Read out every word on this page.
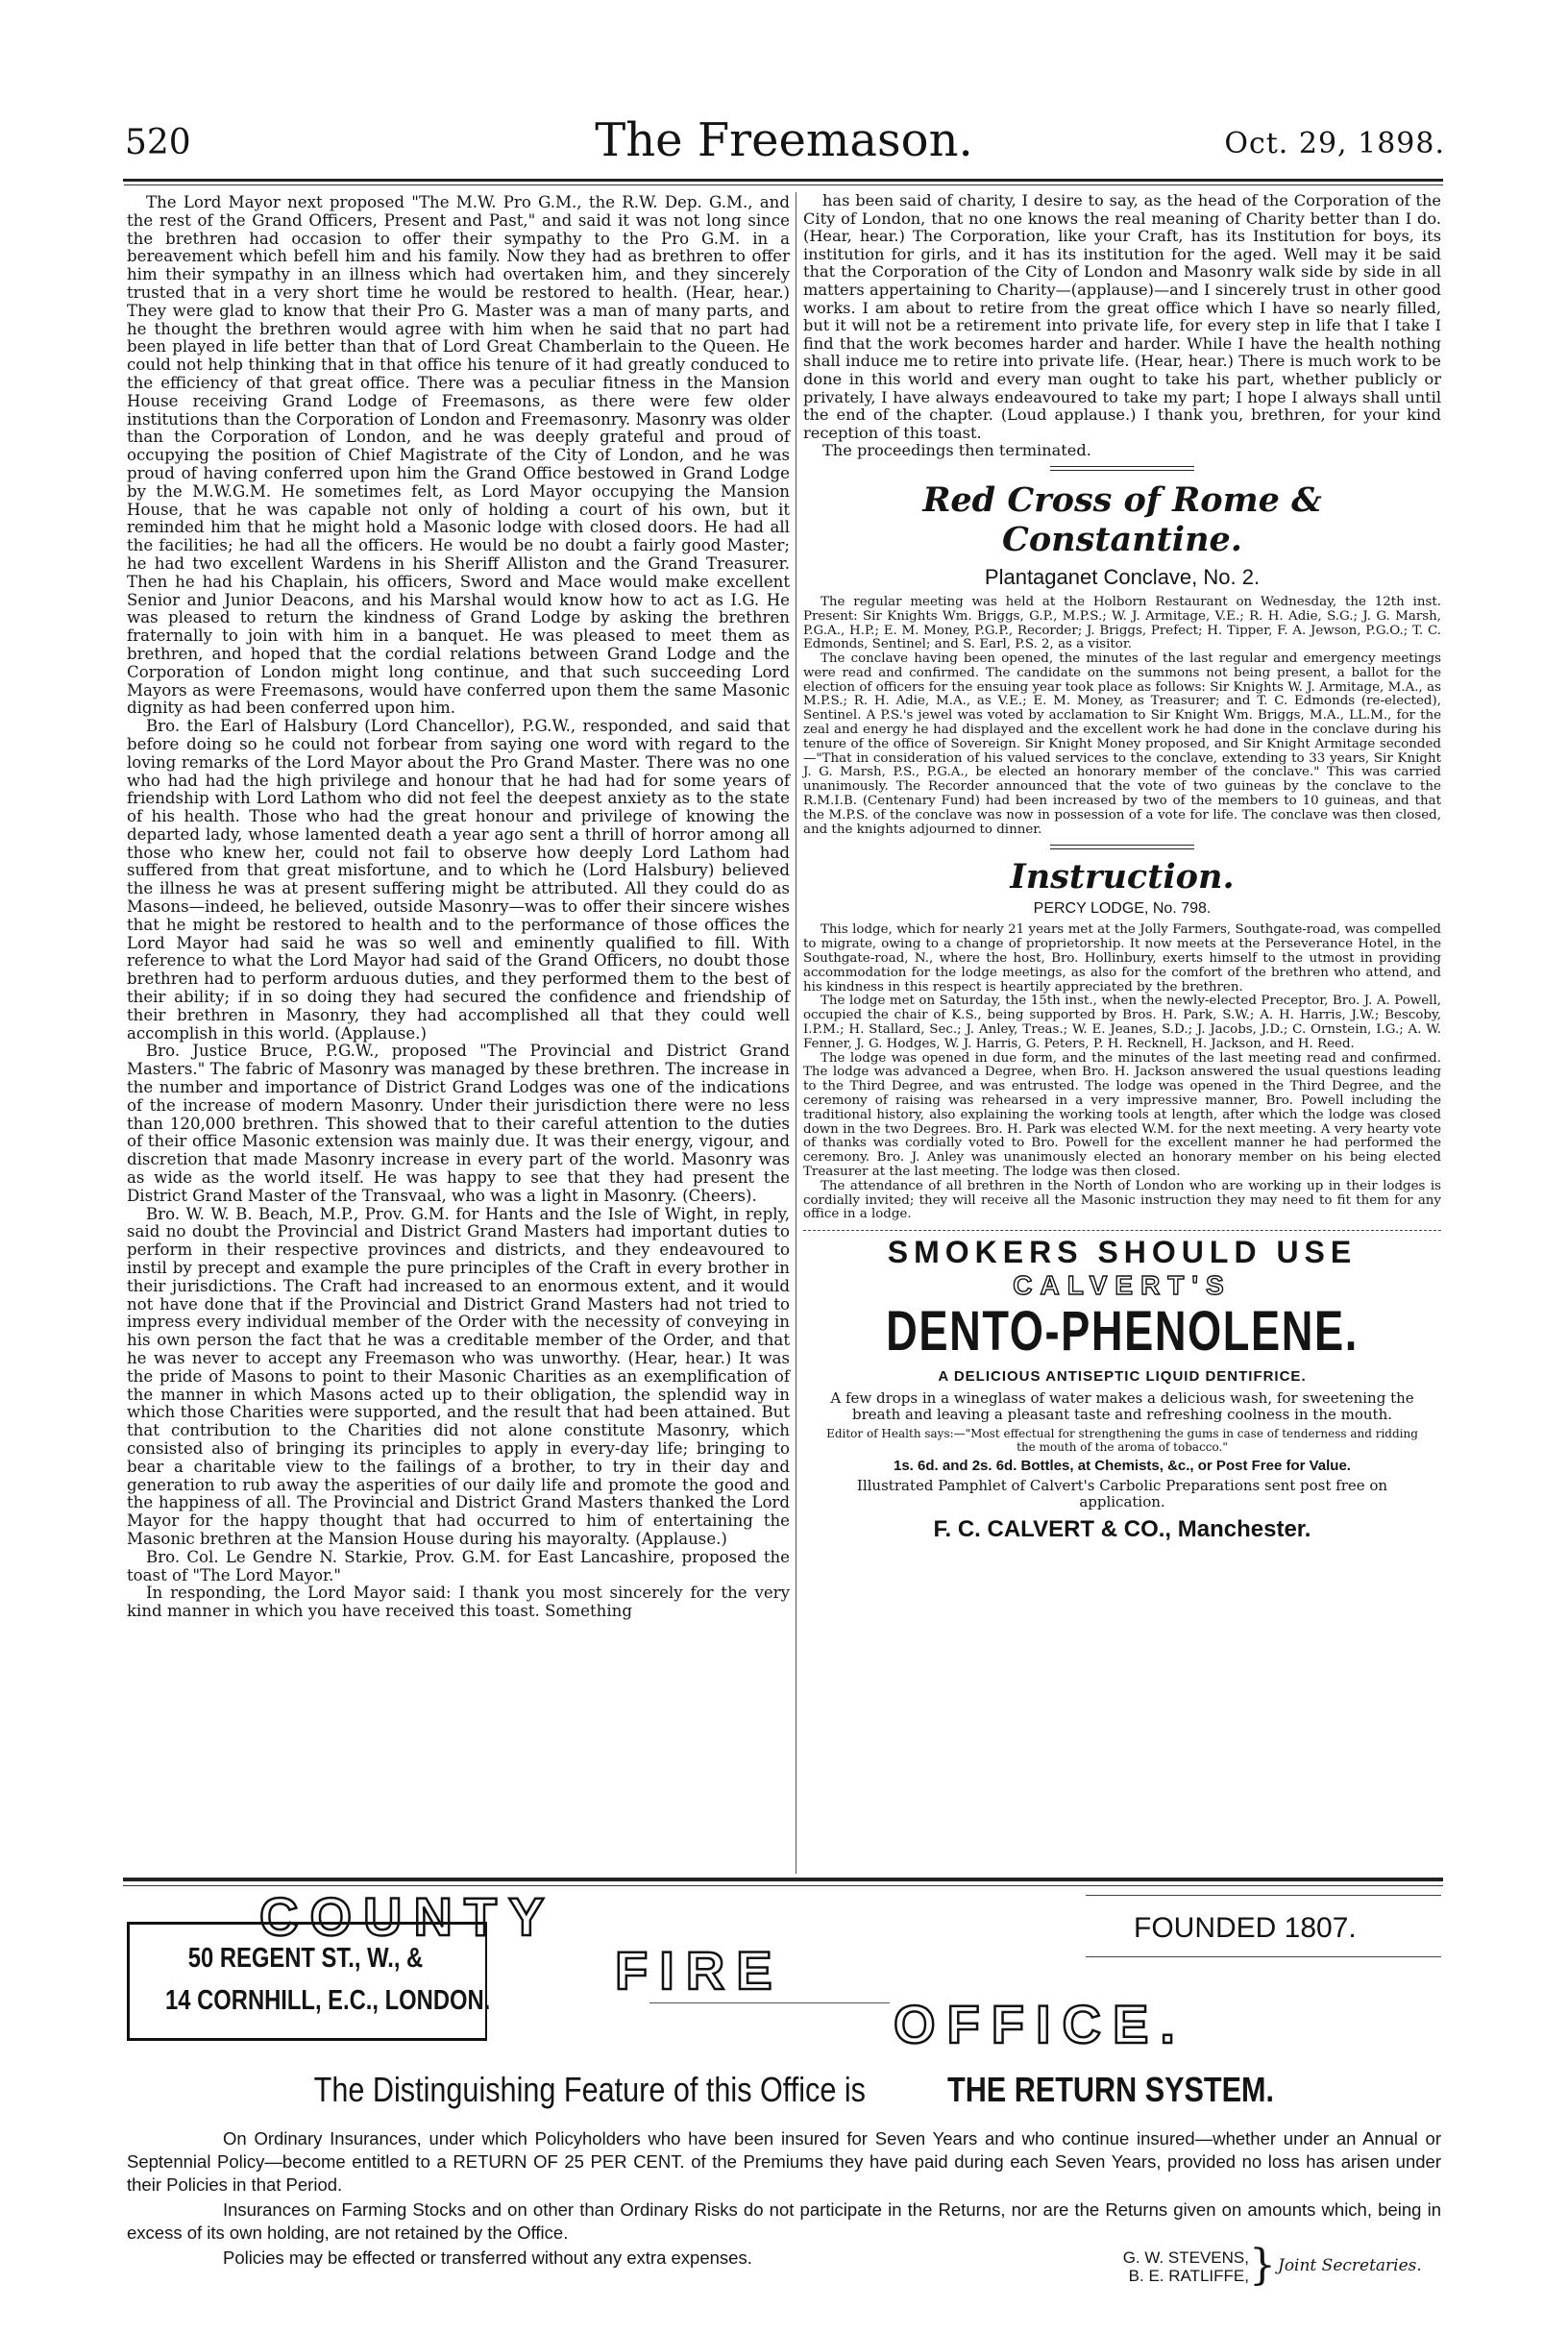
520	The Freemason.	Oct. 29, 1898.

The Lord Mayor next proposed "The M.W. Pro G.M., the R.W. Dep. G.M., and the rest of the Grand Officers, Present and Past," and said it was not long since the brethren had occasion to offer their sympathy to the Pro G.M. in a bereavement which befell him and his family. Now they had as brethren to offer him their sympathy in an illness which had overtaken him, and they sincerely trusted that in a very short time he would be restored to health. (Hear, hear.) They were glad to know that their Pro G. Master was a man of many parts, and he thought the brethren would agree with him when he said that no part had been played in life better than that of Lord Great Chamberlain to the Queen. He could not help thinking that in that office his tenure of it had greatly conduced to the efficiency of that great office. There was a peculiar fitness in the Mansion House receiving Grand Lodge of Freemasons, as there were few older institutions than the Corporation of London and Freemasonry. Masonry was older than the Corporation of London, and he was deeply grateful and proud of occupying the position of Chief Magistrate of the City of London, and he was proud of having conferred upon him the Grand Office bestowed in Grand Lodge by the M.W.G.M. He sometimes felt, as Lord Mayor occupying the Mansion House, that he was capable not only of holding a court of his own, but it reminded him that he might hold a Masonic lodge with closed doors. He had all the facilities; he had all the officers. He would be no doubt a fairly good Master; he had two excellent Wardens in his Sheriff Alliston and the Grand Treasurer. Then he had his Chaplain, his officers, Sword and Mace would make excellent Senior and Junior Deacons, and his Marshal would know how to act as I.G. He was pleased to return the kindness of Grand Lodge by asking the brethren fraternally to join with him in a banquet. He was pleased to meet them as brethren, and hoped that the cordial relations between Grand Lodge and the Corporation of London might long continue, and that such succeeding Lord Mayors as were Freemasons, would have conferred upon them the same Masonic dignity as had been conferred upon him.

Bro. the Earl of Halsbury (Lord Chancellor), P.G.W., responded, and said that before doing so he could not forbear from saying one word with regard to the loving remarks of the Lord Mayor about the Pro Grand Master. There was no one who had had the high privilege and honour that he had had for some years of friendship with Lord Lathom who did not feel the deepest anxiety as to the state of his health. Those who had the great honour and privilege of knowing the departed lady, whose lamented death a year ago sent a thrill of horror among all those who knew her, could not fail to observe how deeply Lord Lathom had suffered from that great misfortune, and to which he (Lord Halsbury) believed the illness he was at present suffering might be attributed. All they could do as Masons—indeed, he believed, outside Masonry—was to offer their sincere wishes that he might be restored to health and to the performance of those offices the Lord Mayor had said he was so well and eminently qualified to fill. With reference to what the Lord Mayor had said of the Grand Officers, no doubt those brethren had to perform arduous duties, and they performed them to the best of their ability; if in so doing they had secured the confidence and friendship of their brethren in Masonry, they had accomplished all that they could well accomplish in this world. (Applause.)

Bro. Justice Bruce, P.G.W., proposed "The Provincial and District Grand Masters." The fabric of Masonry was managed by these brethren. The increase in the number and importance of District Grand Lodges was one of the indications of the increase of modern Masonry. Under their jurisdiction there were no less than 120,000 brethren. This showed that to their careful attention to the duties of their office Masonic extension was mainly due. It was their energy, vigour, and discretion that made Masonry increase in every part of the world. Masonry was as wide as the world itself. He was happy to see that they had present the District Grand Master of the Transvaal, who was a light in Masonry. (Cheers).

Bro. W. W. B. Beach, M.P., Prov. G.M. for Hants and the Isle of Wight, in reply, said no doubt the Provincial and District Grand Masters had important duties to perform in their respective provinces and districts, and they endeavoured to instil by precept and example the pure principles of the Craft in every brother in their jurisdictions. The Craft had increased to an enormous extent, and it would not have done that if the Provincial and District Grand Masters had not tried to impress every individual member of the Order with the necessity of conveying in his own person the fact that he was a creditable member of the Order, and that he was never to accept any Freemason who was unworthy. (Hear, hear.) It was the pride of Masons to point to their Masonic Charities as an exemplification of the manner in which Masons acted up to their obligation, the splendid way in which those Charities were supported, and the result that had been attained. But that contribution to the Charities did not alone constitute Masonry, which consisted also of bringing its principles to apply in every-day life; bringing to bear a charitable view to the failings of a brother, to try in their day and generation to rub away the asperities of our daily life and promote the good and the happiness of all. The Provincial and District Grand Masters thanked the Lord Mayor for the happy thought that had occurred to him of entertaining the Masonic brethren at the Mansion House during his mayoralty. (Applause.)

Bro. Col. Le Gendre N. Starkie, Prov. G.M. for East Lancashire, proposed the toast of "The Lord Mayor."

In responding, the Lord Mayor said: I thank you most sincerely for the very kind manner in which you have received this toast. Something

has been said of charity, I desire to say, as the head of the Corporation of the City of London, that no one knows the real meaning of Charity better than I do. (Hear, hear.) The Corporation, like your Craft, has its Institution for boys, its institution for girls, and it has its institution for the aged. Well may it be said that the Corporation of the City of London and Masonry walk side by side in all matters appertaining to Charity—(applause)—and I sincerely trust in other good works. I am about to retire from the great office which I have so nearly filled, but it will not be a retirement into private life, for every step in life that I take I find that the work becomes harder and harder. While I have the health nothing shall induce me to retire into private life. (Hear, hear.) There is much work to be done in this world and every man ought to take his part, whether publicly or privately, I have always endeavoured to take my part; I hope I always shall until the end of the chapter. (Loud applause.) I thank you, brethren, for your kind reception of this toast.

The proceedings then terminated.

Red Cross of Rome & Constantine.
Plantaganet Conclave, No. 2.

The regular meeting was held at the Holborn Restaurant on Wednesday, the 12th inst. Present: Sir Knights Wm. Briggs, G.P., M.P.S.; W. J. Armitage, V.E.; R. H. Adie, S.G.; J. G. Marsh, P.G.A., H.P.; E. M. Money, P.G.P., Recorder; J. Briggs, Prefect; H. Tipper, F. A. Jewson, P.G.O.; T. C. Edmonds, Sentinel; and S. Earl, P.S. 2, as a visitor.

The conclave having been opened, the minutes of the last regular and emergency meetings were read and confirmed. The candidate on the summons not being present, a ballot for the election of officers for the ensuing year took place as follows: Sir Knights W. J. Armitage, M.A., as M.P.S.; R. H. Adie, M.A., as V.E.; E. M. Money, as Treasurer; and T. C. Edmonds (re-elected), Sentinel. A P.S.'s jewel was voted by acclamation to Sir Knight Wm. Briggs, M.A., LL.M., for the zeal and energy he had displayed and the excellent work he had done in the conclave during his tenure of the office of Sovereign. Sir Knight Money proposed, and Sir Knight Armitage seconded—"That in consideration of his valued services to the conclave, extending to 33 years, Sir Knight J. G. Marsh, P.S., P.G.A., be elected an honorary member of the conclave." This was carried unanimously. The Recorder announced that the vote of two guineas by the conclave to the R.M.I.B. (Centenary Fund) had been increased by two of the members to 10 guineas, and that the M.P.S. of the conclave was now in possession of a vote for life. The conclave was then closed, and the knights adjourned to dinner.

Instruction.
PERCY LODGE, No. 798.

This lodge, which for nearly 21 years met at the Jolly Farmers, Southgate-road, was compelled to migrate, owing to a change of proprietorship. It now meets at the Perseverance Hotel, in the Southgate-road, N., where the host, Bro. Hollinbury, exerts himself to the utmost in providing accommodation for the lodge meetings, as also for the comfort of the brethren who attend, and his kindness in this respect is heartily appreciated by the brethren.

The lodge met on Saturday, the 15th inst., when the newly-elected Preceptor, Bro. J. A. Powell, occupied the chair of K.S., being supported by Bros. H. Park, S.W.; A. H. Harris, J.W.; Bescoby, I.P.M.; H. Stallard, Sec.; J. Anley, Treas.; W. E. Jeanes, S.D.; J. Jacobs, J.D.; C. Ornstein, I.G.; A. W. Fenner, J. G. Hodges, W. J. Harris, G. Peters, P. H. Recknell, H. Jackson, and H. Reed.

The lodge was opened in due form, and the minutes of the last meeting read and confirmed. The lodge was advanced a Degree, when Bro. H. Jackson answered the usual questions leading to the Third Degree, and was entrusted. The lodge was opened in the Third Degree, and the ceremony of raising was rehearsed in a very impressive manner, Bro. Powell including the traditional history, also explaining the working tools at length, after which the lodge was closed down in the two Degrees. Bro. H. Park was elected W.M. for the next meeting. A very hearty vote of thanks was cordially voted to Bro. Powell for the excellent manner he had performed the ceremony. Bro. J. Anley was unanimously elected an honorary member on his being elected Treasurer at the last meeting. The lodge was then closed.

The attendance of all brethren in the North of London who are working up in their lodges is cordially invited; they will receive all the Masonic instruction they may need to fit them for any office in a lodge.

SMOKERS SHOULD USE
CALVERT'S
DENTO-PHENOLENE.
A DELICIOUS ANTISEPTIC LIQUID DENTIFRICE.
A few drops in a wineglass of water makes a delicious wash, for sweetening the breath and leaving a pleasant taste and refreshing coolness in the mouth.
Editor of Health says:—"Most effectual for strengthening the gums in case of tenderness and ridding the mouth of the aroma of tobacco."
1s. 6d. and 2s. 6d. Bottles, at Chemists, &c., or Post Free for Value.
Illustrated Pamphlet of Calvert's Carbolic Preparations sent post free on application.
F. C. CALVERT & CO., Manchester.
COUNTY	FOUNDED 1807.
50 REGENT ST., W., &
14 CORNHILL, E.C., LONDON. FIRE
OFFICE.
The Distinguishing Feature of this Office is THE RETURN SYSTEM.
On Ordinary Insurances, under which Policyholders who have been insured for Seven Years and who continue insured—whether under an Annual or Septennial Policy—become entitled to a RETURN OF 25 PER CENT. of the Premiums they have paid during each Seven Years, provided no loss has arisen under their Policies in that Period.
Insurances on Farming Stocks and on other than Ordinary Risks do not participate in the Returns, nor are the Returns given on amounts which, being in excess of its own holding, are not retained by the Office.
Policies may be effected or transferred without any extra expenses.	G. W. STEVENS,
B. E. RATLIFFE, } Joint Secretaries.
